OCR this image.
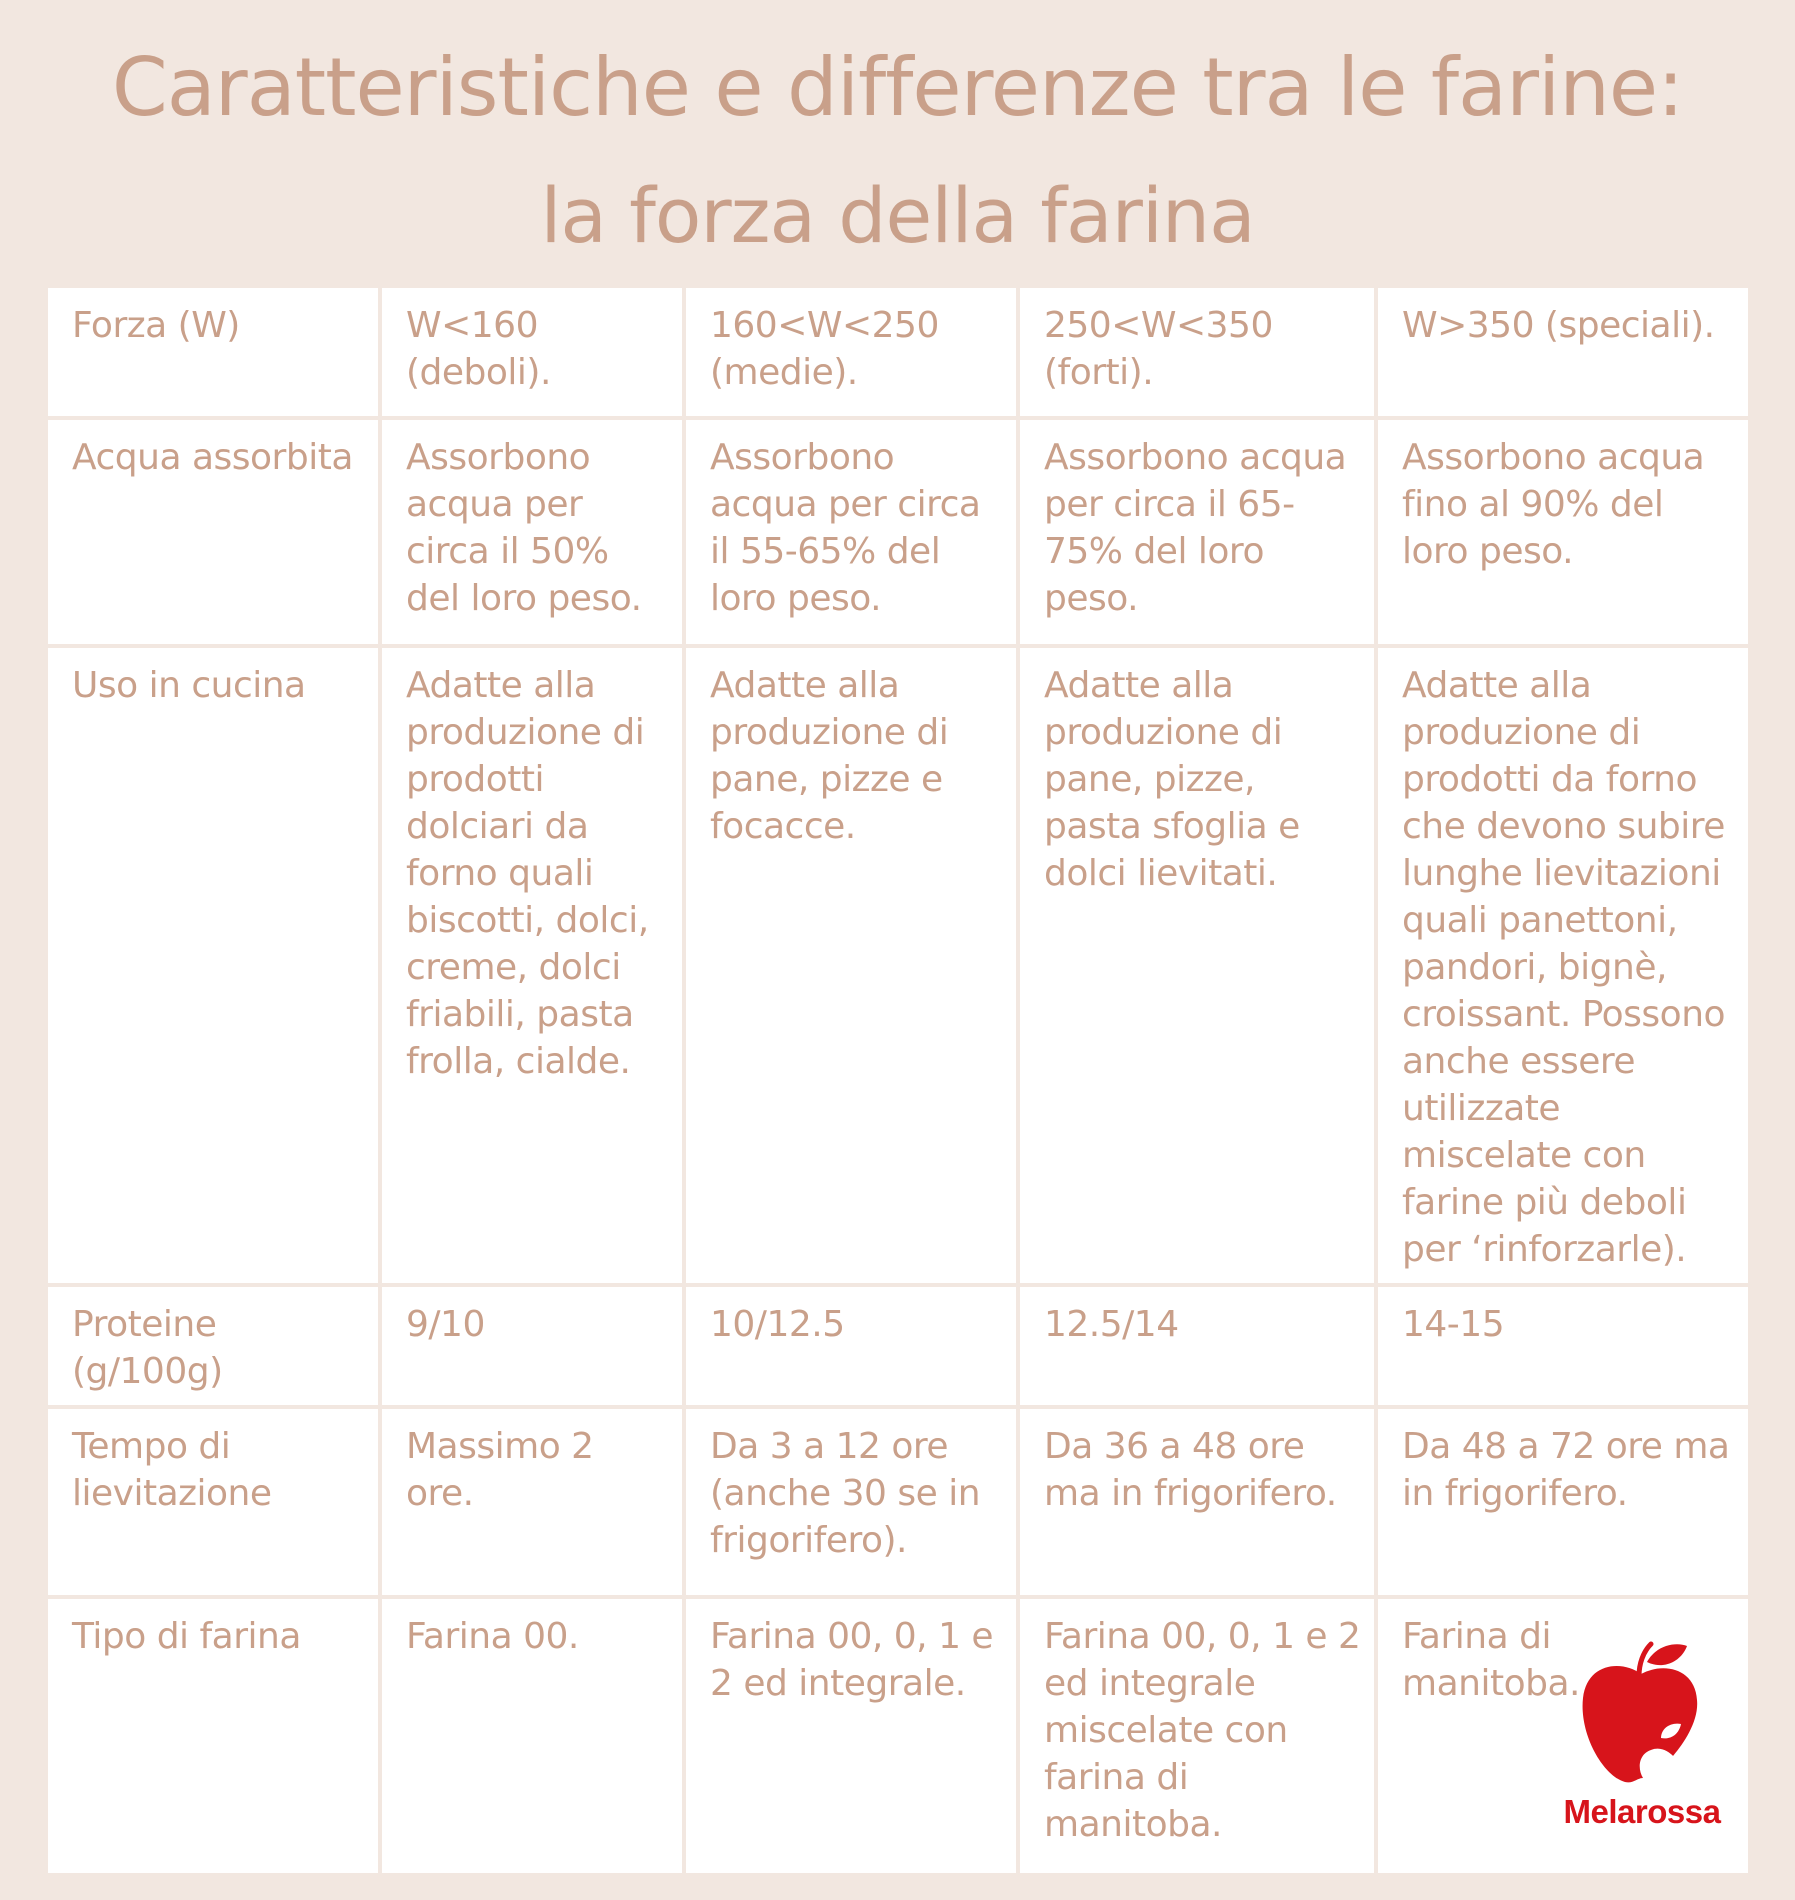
Caratteristiche e differenze tra le farine:
la forza della farina
Forza (W)	W<160 (deboli).	160<W<250 (medie).	250<W<350 (forti).	W>350 (speciali).
Acqua assorbita	Assorbono acqua per circa il 50% del loro peso.	Assorbono acqua per circa il 55-65% del loro peso.	Assorbono acqua per circa il 65-75% del loro peso.	Assorbono acqua fino al 90% del loro peso.
Uso in cucina	Adatte alla produzione di prodotti dolciari da forno quali biscotti, dolci, creme, dolci friabili, pasta frolla, cialde.	Adatte alla produzione di pane, pizze e focacce.	Adatte alla produzione di pane, pizze, pasta sfoglia e dolci lievitati.	Adatte alla produzione di prodotti da forno che devono subire lunghe lievitazioni quali panettoni, pandori, bignè, croissant. Possono anche essere utilizzate miscelate con farine più deboli per ‘rinforzarle).
Proteine (g/100g)	9/10	10/12.5	12.5/14	14-15
Tempo di lievitazione	Massimo 2 ore.	Da 3 a 12 ore (anche 30 se in frigorifero).	Da 36 a 48 ore ma in frigorifero.	Da 48 a 72 ore ma in frigorifero.
Tipo di farina	Farina 00.	Farina 00, 0, 1 e 2 ed integrale.	Farina 00, 0, 1 e 2 ed integrale miscelate con farina di manitoba.	Farina di manitoba.
Melarossa
